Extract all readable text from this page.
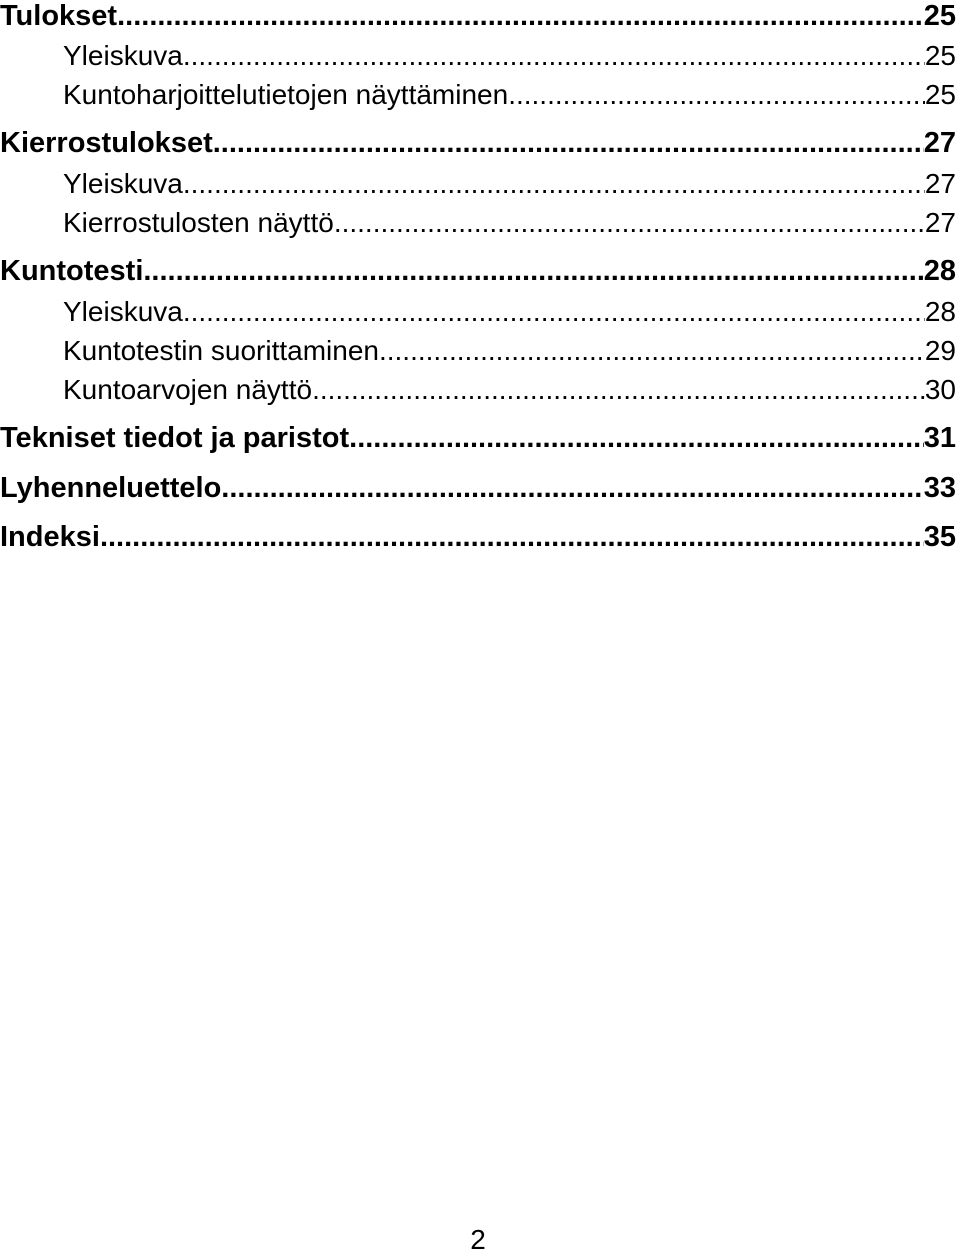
Tulokset .....	25
Yleiskuva .....	25
Kuntoharjoittelutietojen näyttäminen .....	25
Kierrostulokset .....	27
Yleiskuva .....	27
Kierrostulosten näyttö .....	27
Kuntotesti .....	28
Yleiskuva .....	28
Kuntotestin suorittaminen .....	29
Kuntoarvojen näyttö .....	30
Tekniset tiedot ja paristot .....	31
Lyhenneluettelo .....	33
Indeksi .....	35
2
